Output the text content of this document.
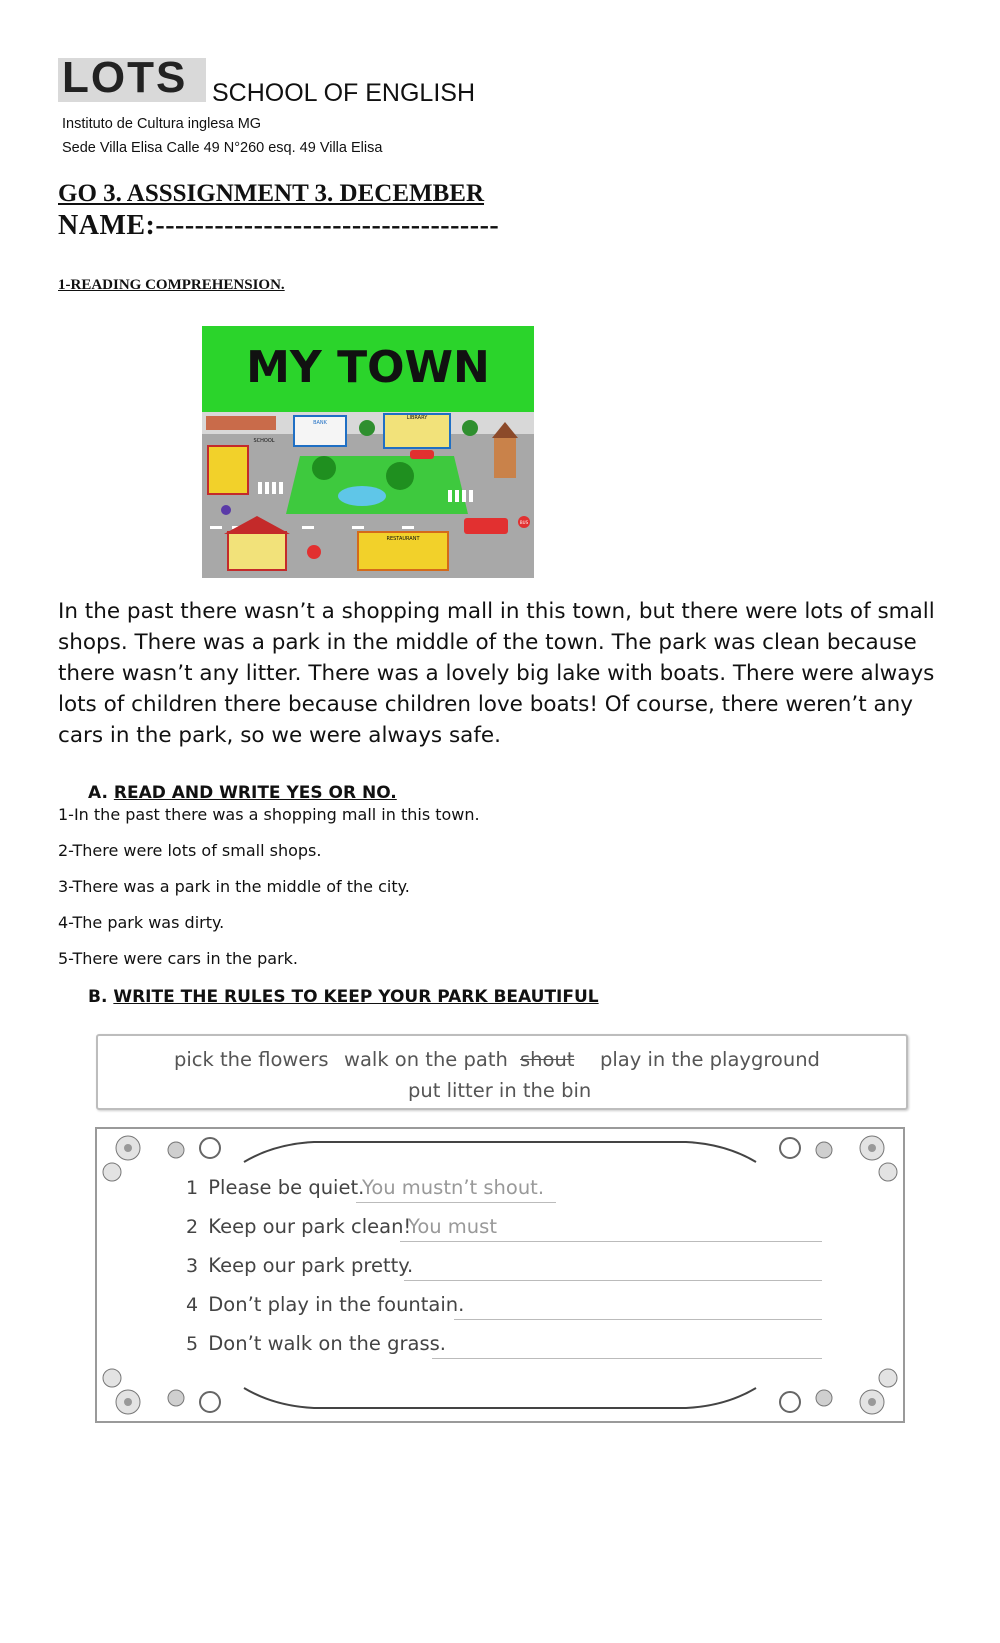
LOTS SCHOOL OF ENGLISH
Instituto de Cultura inglesa MG
Sede Villa Elisa Calle 49 N°260 esq. 49 Villa Elisa
GO 3. ASSSIGNMENT 3. DECEMBER
NAME:-----------------------------------
1-READING COMPREHENSION.
MY TOWN
BANK
LIBRARY
SCHOOL
RESTAURANT
BUS
In the past there wasn’t a shopping mall in this town, but there were lots of small shops. There was a park in the middle of the town. The park was clean because there wasn’t any litter. There was a lovely big lake with boats. There were always lots of children there because children love boats! Of course, there weren’t any cars in the park, so we were always safe.
A. READ AND WRITE YES OR NO.
1-In the past there was a shopping mall in this town.
2-There were lots of small shops.
3-There was a park in the middle of the city.
4-The park was dirty.
5-There were cars in the park.
B. WRITE THE RULES TO KEEP YOUR PARK BEAUTIFUL
pick the flowers walk on the path shout play in the playground
put litter in the bin
1 Please be quiet.
You mustn’t shout.
2 Keep our park clean!
You must
3 Keep our park pretty.
4 Don’t play in the fountain.
5 Don’t walk on the grass.
